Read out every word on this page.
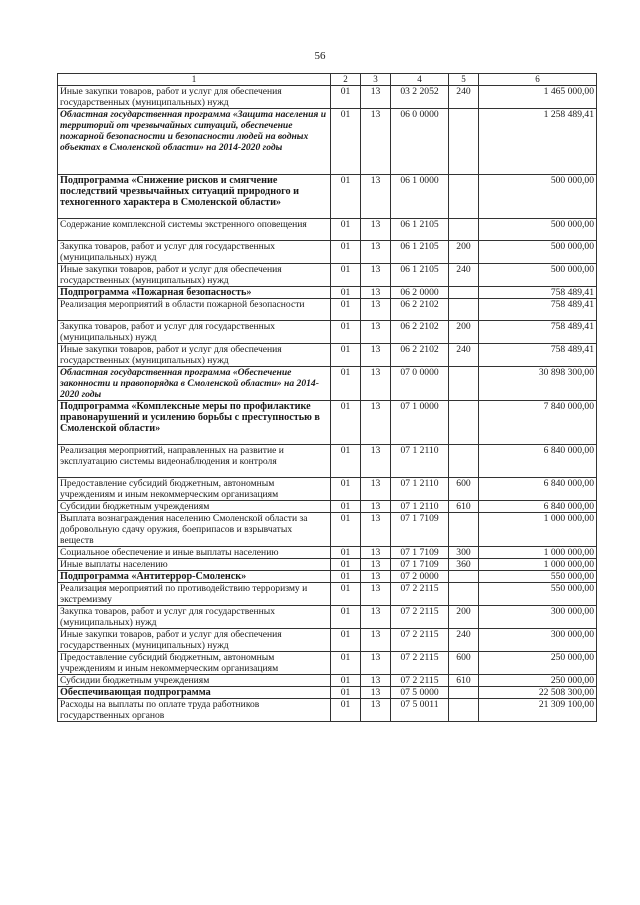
56
1	2	3	4	5	6
Иные закупки товаров, работ и услуг для обеспечения государственных (муниципальных) нужд	01	13	03 2 2052	240	1 465 000,00
Областная государственная программа «Защита населения и территорий от чрезвычайных ситуаций, обеспечение пожарной безопасности и безопасности людей на водных объектах в Смоленской области» на 2014-2020 годы	01	13	06 0 0000		1 258 489,41
Подпрограмма «Снижение рисков и смягчение последствий чрезвычайных ситуаций природного и техногенного характера в Смоленской области»	01	13	06 1 0000		500 000,00
Содержание комплексной системы экстренного оповещения	01	13	06 1 2105		500 000,00
Закупка товаров, работ и услуг для государственных (муниципальных) нужд	01	13	06 1 2105	200	500 000,00
Иные закупки товаров, работ и услуг для обеспечения государственных (муниципальных) нужд	01	13	06 1 2105	240	500 000,00
Подпрограмма «Пожарная безопасность»	01	13	06 2 0000		758 489,41
Реализация мероприятий в области пожарной безопасности	01	13	06 2 2102		758 489,41
Закупка товаров, работ и услуг для государственных (муниципальных) нужд	01	13	06 2 2102	200	758 489,41
Иные закупки товаров, работ и услуг для обеспечения государственных (муниципальных) нужд	01	13	06 2 2102	240	758 489,41
Областная государственная программа «Обеспечение законности и правопорядка в Смоленской области» на 2014-2020 годы	01	13	07 0 0000		30 898 300,00
Подпрограмма «Комплексные меры по профилактике правонарушений и усилению борьбы с преступностью в Смоленской области»	01	13	07 1 0000		7 840 000,00
Реализация мероприятий, направленных на развитие и эксплуатацию системы видеонаблюдения и контроля	01	13	07 1 2110		6 840 000,00
Предоставление субсидий бюджетным, автономным учреждениям и иным некоммерческим организациям	01	13	07 1 2110	600	6 840 000,00
Субсидии бюджетным учреждениям	01	13	07 1 2110	610	6 840 000,00
Выплата вознаграждения населению Смоленской области за добровольную сдачу оружия, боеприпасов и взрывчатых веществ	01	13	07 1 7109		1 000 000,00
Социальное обеспечение и иные выплаты населению	01	13	07 1 7109	300	1 000 000,00
Иные выплаты населению	01	13	07 1 7109	360	1 000 000,00
Подпрограмма «Антитеррор-Смоленск»	01	13	07 2 0000		550 000,00
Реализация мероприятий по противодействию терроризму и экстремизму	01	13	07 2 2115		550 000,00
Закупка товаров, работ и услуг для государственных (муниципальных) нужд	01	13	07 2 2115	200	300 000,00
Иные закупки товаров, работ и услуг для обеспечения государственных (муниципальных) нужд	01	13	07 2 2115	240	300 000,00
Предоставление субсидий бюджетным, автономным учреждениям и иным некоммерческим организациям	01	13	07 2 2115	600	250 000,00
Субсидии бюджетным учреждениям	01	13	07 2 2115	610	250 000,00
Обеспечивающая подпрограмма	01	13	07 5 0000		22 508 300,00
Расходы на выплаты по оплате труда работников государственных органов	01	13	07 5 0011		21 309 100,00
